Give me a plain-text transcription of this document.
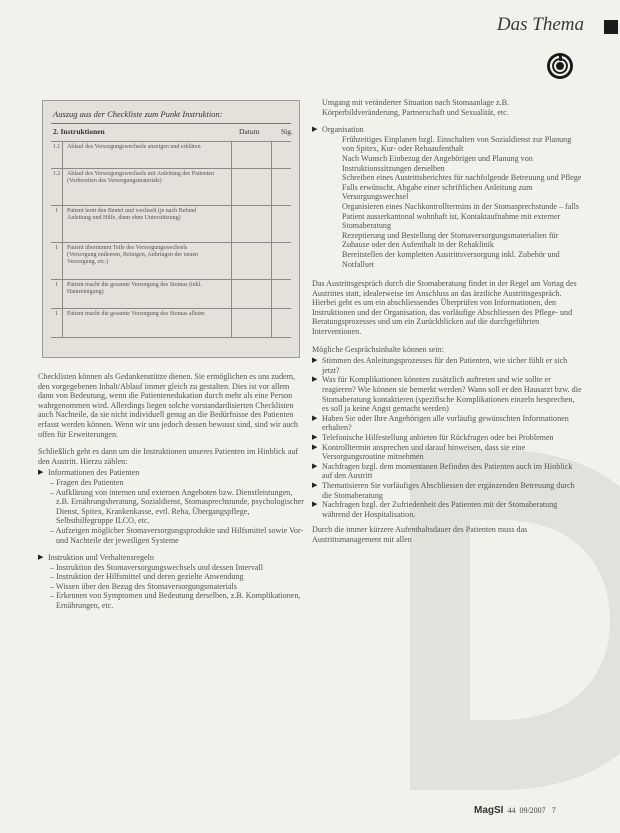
Das Thema
Auszug aus der Checkliste zum Punkt Instruktion:
2. Instruktionen	Datum	Sig.
1.1	Ablauf des Versorgungswechsels anzeigen und erklären
1.2	Ablauf des Versorgungswechsels mit Anleitung des Patienten (Vorbereiten des Versorgungsmaterials)
1	Patient lernt den Beutel und wechselt (je nach Befund Anleitung und Hilfe, dann ohne Unterstützung)
1	Patient übernimmt Teile des Versorgungswechsels (Versorgung entleeren, Reinigen, Anbringen der neuen Versorgung, etc.)
1	Patient macht die gesamte Versorgung des Stomas (inkl. Hautreinigung)
1	Patient macht die gesamte Versorgung des Stomas alleine

Checklisten können als Gedankenstütze dienen. Sie ermöglichen es uns zudem, den vorgegebenen Inhalt/Ablauf immer gleich zu gestalten. Dies ist vor allem dann von Bedeutung, wenn die Patientenedukation durch mehr als eine Person wahrgenommen wird. Allerdings liegen solche vorstandardisierten Checklisten auch Nachteile, da sie nicht individuell genug an die Bedürfnisse des Patienten erfasst werden können. Wenn wir uns jedoch dessen bewusst sind, sind wir auch offen für Erweiterungen.

Schließlich geht es dann um die Instruktionen unseres Patienten im Hinblick auf den Austritt. Hierzu zählen:

▶ Informationen des Patienten
– Fragen des Patienten
– Aufklärung von internen und externen Angeboten bzw. Dienstleistungen, z.B. Ernährungsberatung, Sozialdienst, Stomasprechstunde, psychologischer Dienst, Spitex, Krankenkasse, evtl. Reha, Übergangspflege, Selbsthilfegruppe ILCO, etc.
– Aufzeigen möglicher Stomaversorgungsprodukte und Hilfsmittel sowie Vor- und Nachteile der jeweiligen Systeme
▶ Instruktion und Verhaltensregeln
– Instruktion des Stomaversorgungswechsels und dessen Intervall
– Instruktion der Hilfsmittel und deren gezielte Anwendung
– Wissen über den Bezug des Stomaversorgungsmaterials
– Erkennen von Symptomen und Bedeutung derselben, z.B. Komplikationen, Ernährungen, etc.

Umgang mit veränderter Situation nach Stomaanlage z.B. Körperbildveränderung, Partnerschaft und Sexualität, etc.

▶ Organisation
Frühzeitiges Einplanen bzgl. Einschalten von Sozialdienst zur Planung von Spitex, Kur- oder Rehaaufenthalt
Nach Wunsch Einbezug der Angehörigen und Planung von Instruktionssitzungen derselben
Schreiben eines Austrittsberichtes für nachfolgende Betreuung und Pflege
Falls erwünscht, Abgabe einer schriftlichen Anleitung zum Versorgungswechsel
Organisieren eines Nachkontrolltermins in der Stomasprechstunde – falls Patient ausserkantonal wohnhaft ist, Kontaktaufnahme mit externer Stomaberatung
Rezeptierung und Bestellung der Stomaversorgungsmaterialien für Zuhause oder den Aufenthalt in der Rehaklinik
Bereitstellen der kompletten Austrittsversorgung inkl. Zubehör und Notfallset

Das Austrittsgespräch durch die Stomaberatung findet in der Regel am Vortag des Austrittes statt, idealerweise im Anschluss an das ärztliche Austrittsgespräch. Hierbei geht es um ein abschliessendes Überprüfen von Informationen, den Instruktionen und der Organisation, das vorläufige Abschliessen des Pflege- und Beratungsprozesses und um ein Zurückblicken auf die durchgeführten Interventionen.

Mögliche Gesprächsinhalte können sein:

▶ Stimmen des Anleitungsprozesses für den Patienten, wie sicher fühlt er sich jetzt?
▶ Was für Komplikationen könnten zusätzlich auftreten und wie sollte er reagieren? Wie können sie bemerkt werden? Wann soll er den Hausarzt bzw. die Stomaberatung kontaktieren (spezifische Komplikationen einzeln besprechen, es soll ja keine Angst gemacht werden)
▶ Haben Sie oder Ihre Angehörigen alle vorläufig gewünschten Informationen erhalten?
▶ Telefonische Hilfestellung anbieten für Rückfragen oder bei Problemen
▶ Kontrolltermin ansprechen und darauf hinweisen, dass sie eine Versorgungsroutine mitnehmen
▶ Nachfragen bzgl. dem momentanen Befinden des Patienten auch im Hinblick auf den Austritt
▶ Thematisieren Sie vorläufiges Abschliessen der ergänzenden Betreuung durch die Stomaberatung
▶ Nachfragen bzgl. der Zufriedenheit des Patienten mit der Stomaberatung während der Hospitalisation.

Durch die immer kürzere Aufenthaltsdauer des Patienten muss das Austrittsmanagement mit allen

MagSI 44 09/2007 7
